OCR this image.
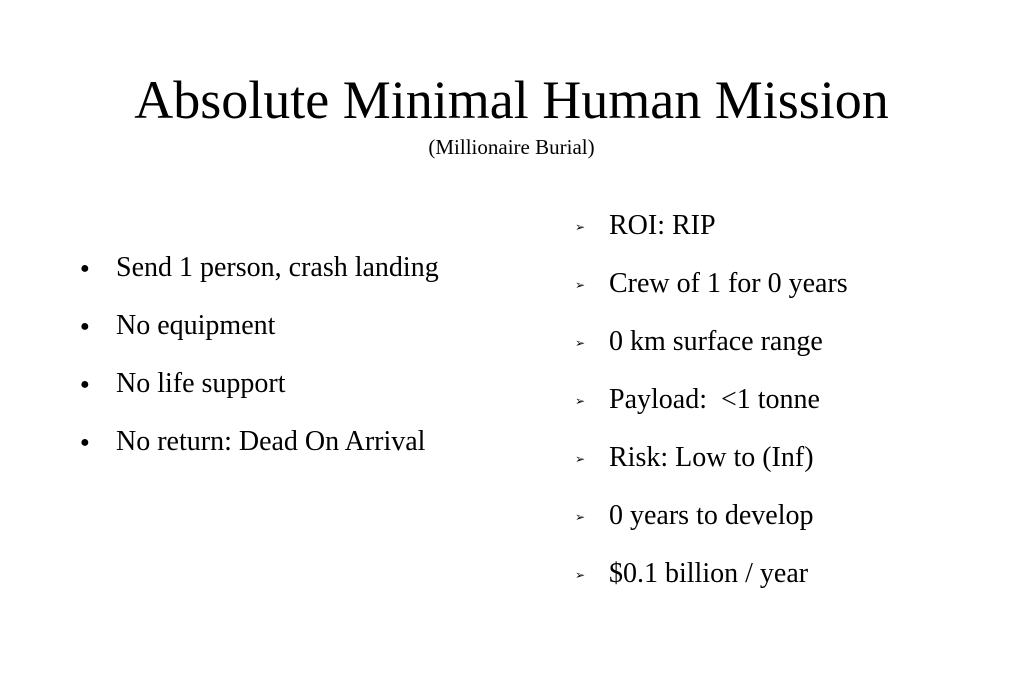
Absolute Minimal Human Mission
(Millionaire Burial)
● Send 1 person, crash landing
● No equipment
● No life support
● No return: Dead On Arrival
➢ ROI: RIP
➢ Crew of 1 for 0 years
➢ 0 km surface range
➢ Payload:  <1 tonne
➢ Risk: Low to (Inf)
➢ 0 years to develop
➢ $0.1 billion / year
